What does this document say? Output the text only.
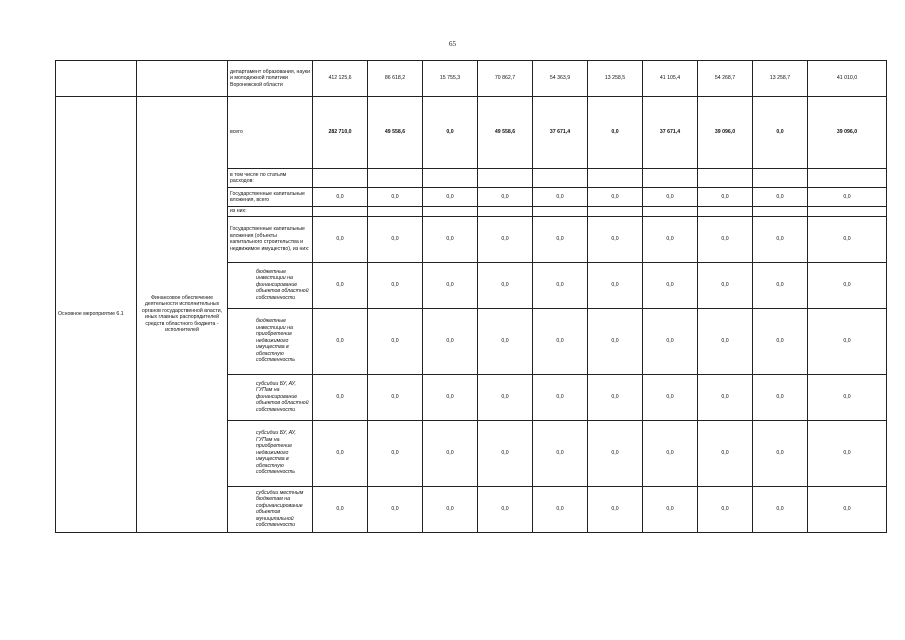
65
		департамент образования, науки и молодежной политики Воронежской области	412 125,6	86 618,2	15 755,3	70 862,7	54 363,9	13 258,5	41 105,4	54 268,7	13 258,7	41 010,0
Основное мероприятие 6.1	Финансовое обеспечение деятельности исполнительных органов государственной власти, иных главных распорядителей средств областного бюджета - исполнителей	всего	282 710,0	49 558,6	0,0	49 558,6	37 671,4	0,0	37 671,4	39 096,0	0,0	39 096,0
		в том числе по статьям расходов:										
		Государственные капитальные вложения, всего	0,0	0,0	0,0	0,0	0,0	0,0	0,0	0,0	0,0	0,0
		из них:										
		Государственные капитальные вложения (объекты капитального строительства и недвижимое имущество), из них:	0,0	0,0	0,0	0,0	0,0	0,0	0,0	0,0	0,0	0,0
		бюджетные инвестиции на финансирование объектов областной собственности	0,0	0,0	0,0	0,0	0,0	0,0	0,0	0,0	0,0	0,0
		бюджетные инвестиции на приобретение недвижимого имущества в областную собственность	0,0	0,0	0,0	0,0	0,0	0,0	0,0	0,0	0,0	0,0
		субсидии БУ, АУ, ГУПам на финансирование объектов областной собственности	0,0	0,0	0,0	0,0	0,0	0,0	0,0	0,0	0,0	0,0
		субсидии БУ, АУ, ГУПам на приобретение недвижимого имущества в областную собственность	0,0	0,0	0,0	0,0	0,0	0,0	0,0	0,0	0,0	0,0
		субсидии местным бюджетам на софинансирование объектов муниципальной собственности	0,0	0,0	0,0	0,0	0,0	0,0	0,0	0,0	0,0	0,0
